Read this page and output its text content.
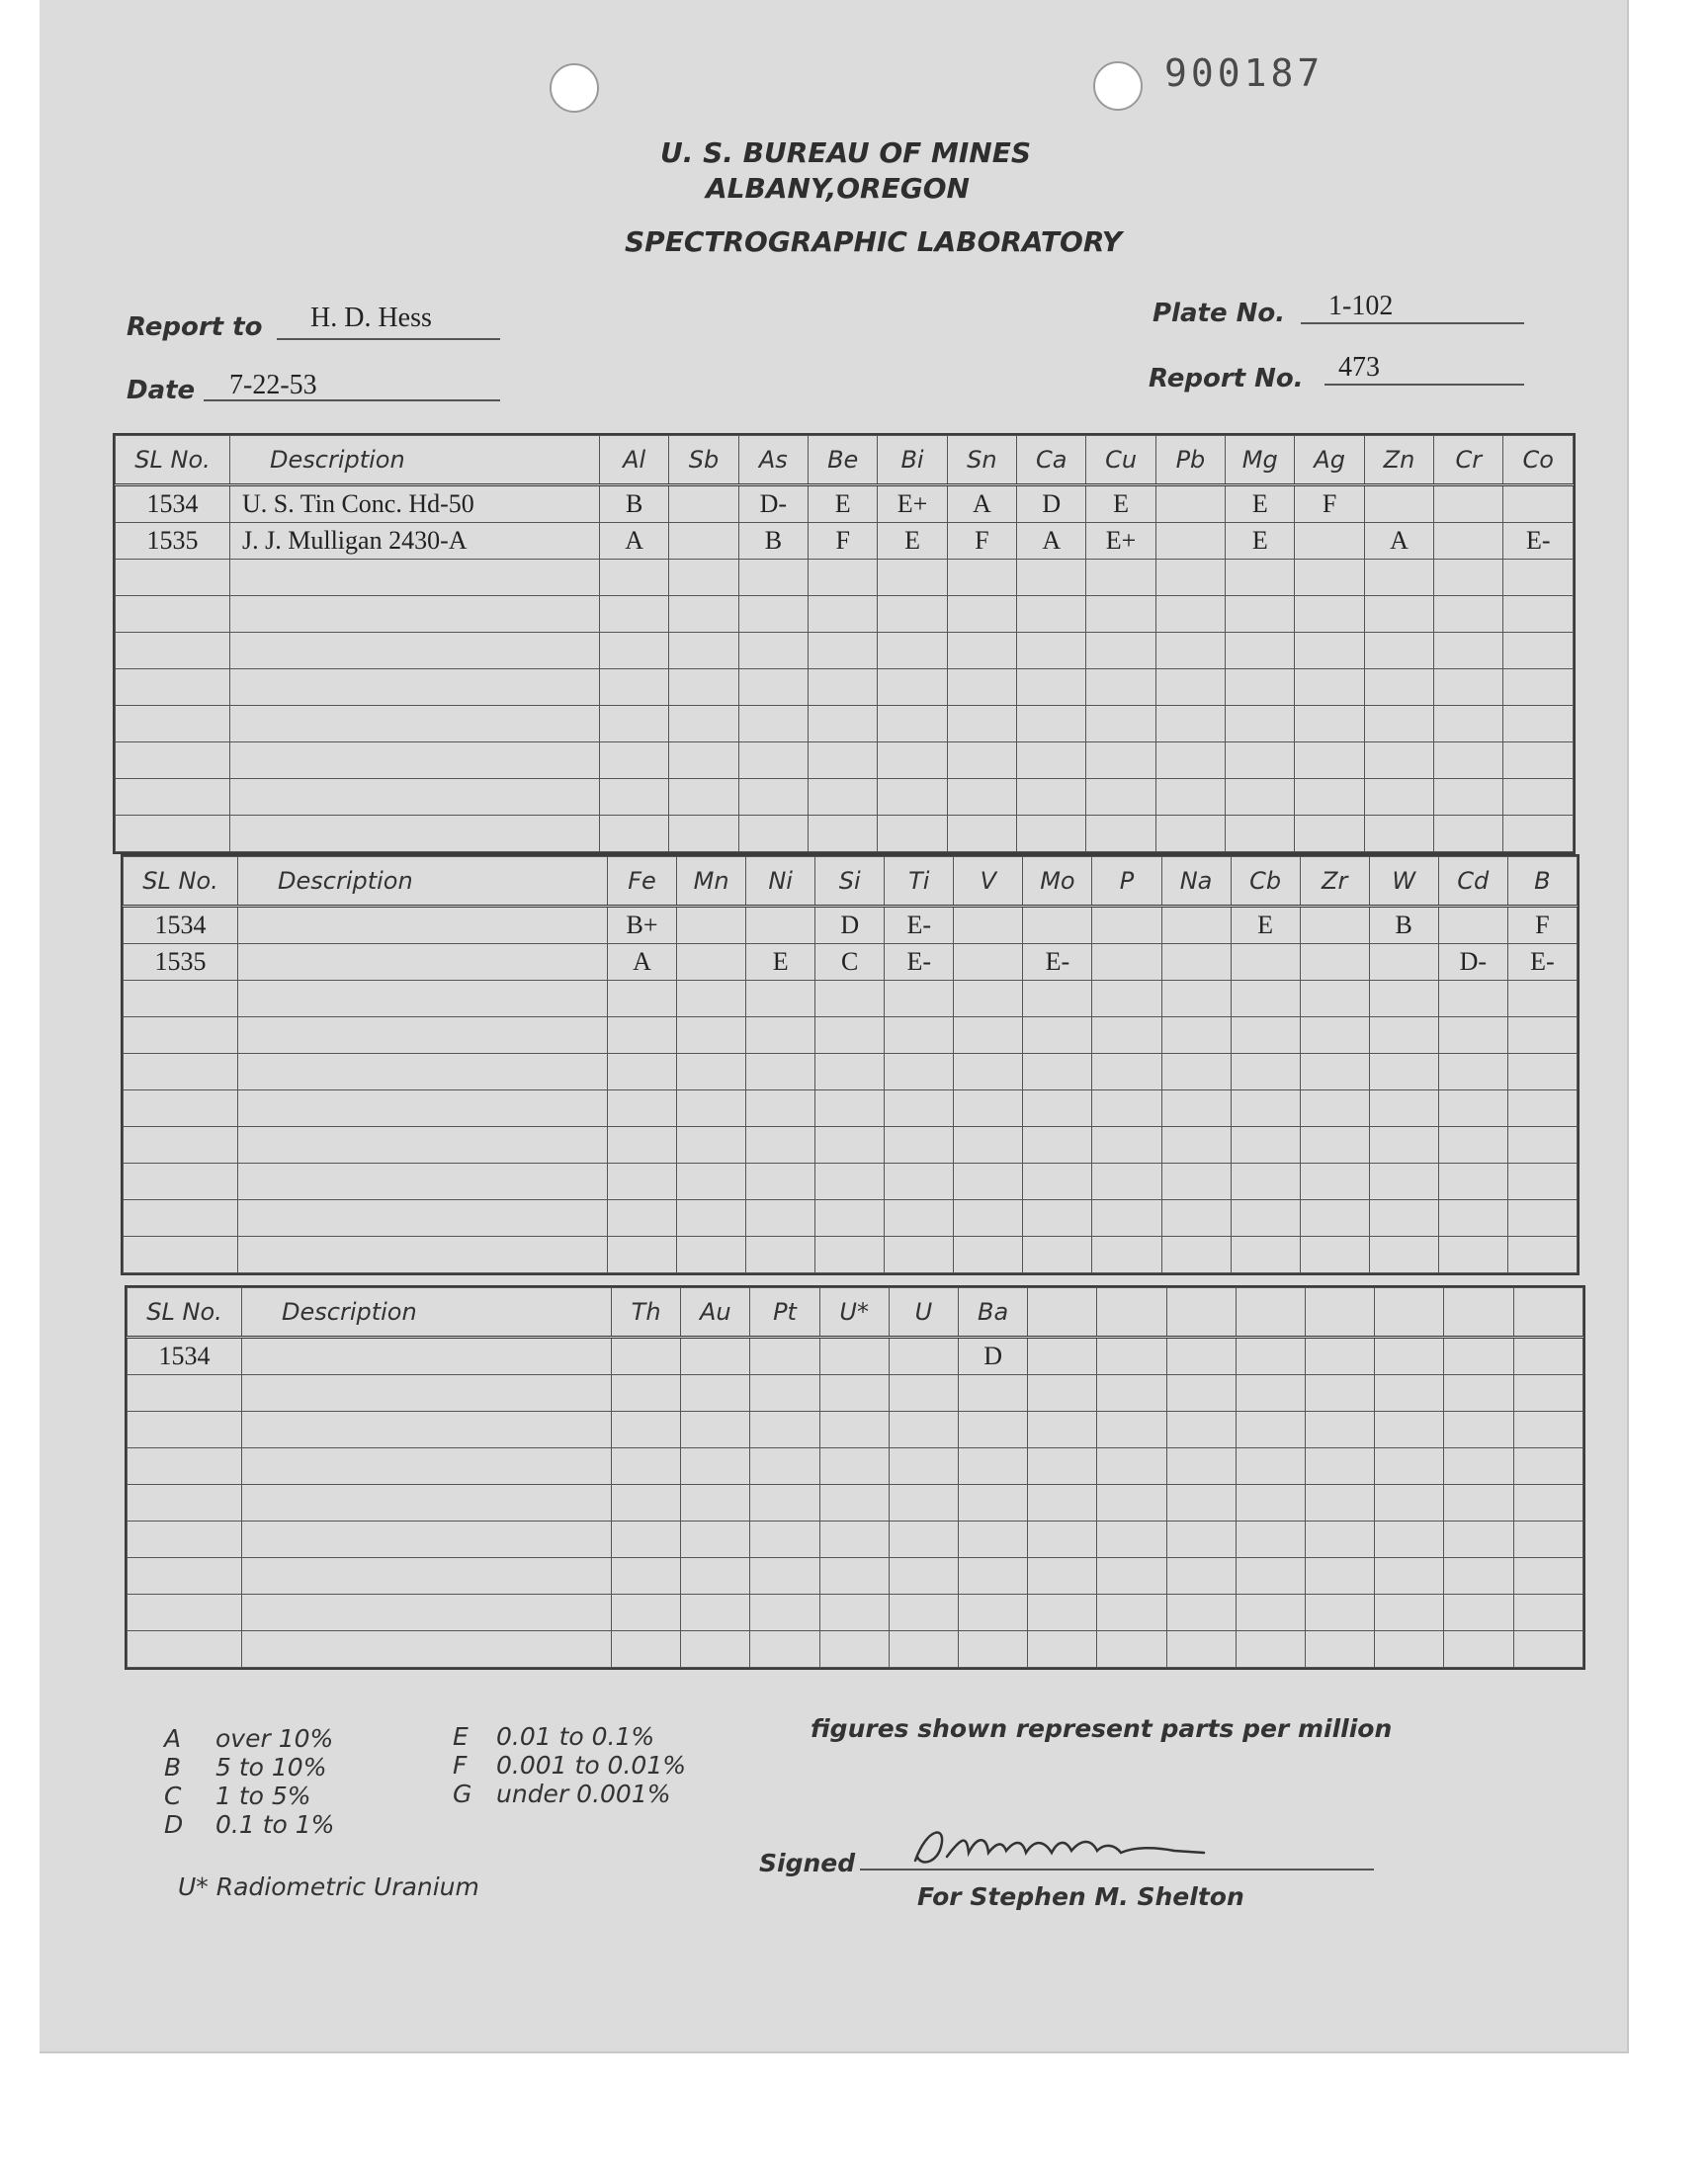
900187
U. S. BUREAU OF MINES
ALBANY,OREGON
SPECTROGRAPHIC LABORATORY
Report to H. D. Hess
Date 7-22-53
Plate No. 1-102
Report No. 473
SL No.	Description	Al	Sb	As	Be	Bi	Sn	Ca	Cu	Pb	Mg	Ag	Zn	Cr	Co
1534	U. S. Tin Conc. Hd-50	B		D-	E	E+	A	D	E		E	F			
1535	J. J. Mulligan 2430-A	A		B	F	E	F	A	E+		E		A		E-

SL No.	Description	Fe	Mn	Ni	Si	Ti	V	Mo	P	Na	Cb	Zr	W	Cd	B
1534		B+			D	E-					E		B		F
1535		A		E	C	E-		E-						D-	E-

SL No.	Description	Th	Au	Pt	U*	U	Ba								
1534							D								

A over 10%
B 5 to 10%
C 1 to 5%
D 0.1 to 1%
E 0.01 to 0.1%
F 0.001 to 0.01%
G under 0.001%
figures shown represent parts per million
U* Radiometric Uranium
Signed
For Stephen M. Shelton
